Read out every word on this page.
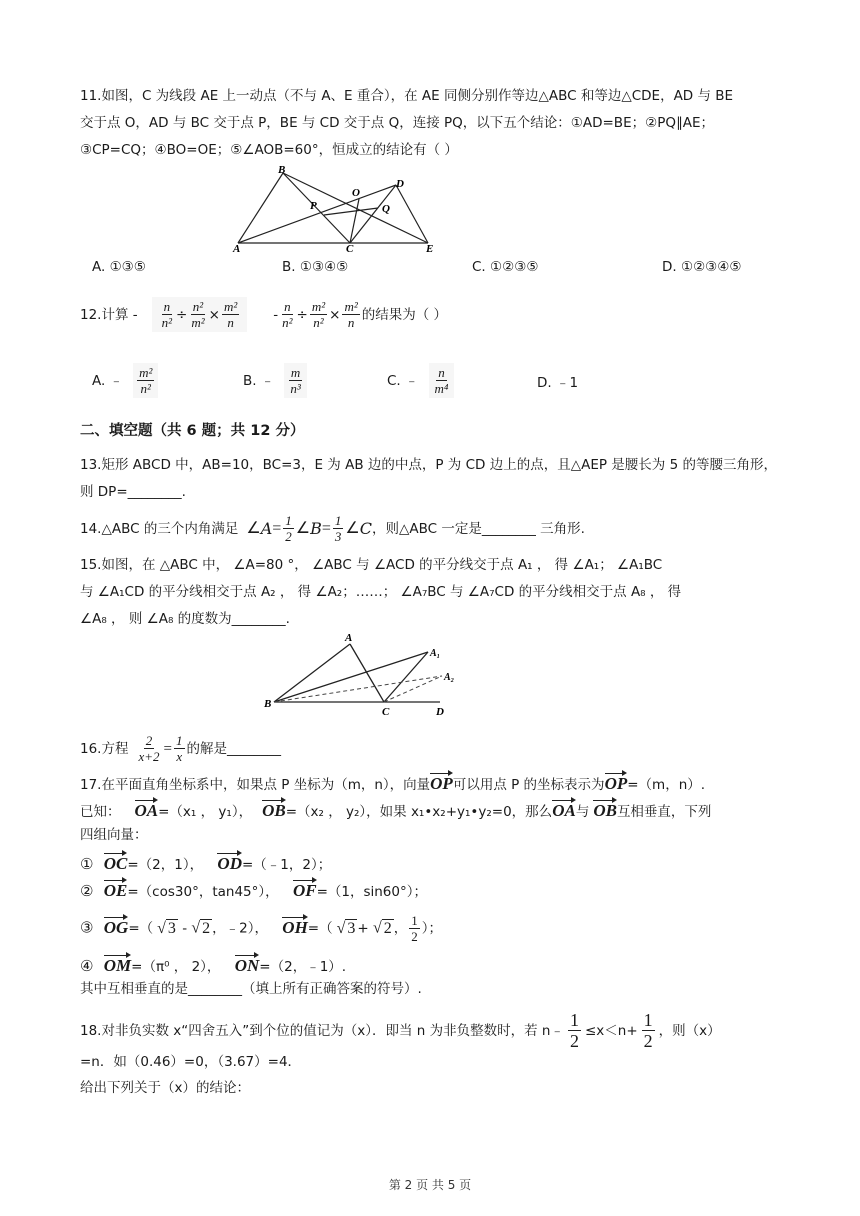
11.如图，C 为线段 AE 上一动点（不与 A、E 重合），在 AE 同侧分别作等边△ABC 和等边△CDE，AD 与 BE
交于点 O，AD 与 BC 交于点 P，BE 与 CD 交于点 Q，连接 PQ，以下五个结论：①AD=BE；②PQ∥AE；
③CP=CQ；④BO=OE；⑤∠AOB=60°，恒成立的结论有（ ）
B
O
D
P	Q
A	C	E
A. ①③⑤	B. ①③④⑤	C. ①②③⑤	D. ①②③④⑤
12.计算 - $\frac{n}{\text{n²}} \div \frac{\text{n²}}{\text{m²}} \times \frac{\text{m²}}{n}$	- $\frac{n}{\text{n²}} \div \frac{\text{m²}}{\text{n²}} \times \frac{\text{m²}}{n}$ 的结果为（ ）
A. ﹣ $\frac{\text{m²}}{\text{n²}}$	B. ﹣ $\frac{m}{\text{n³}}$	C. ﹣ $\frac{n}{\text{m⁴}}$	D. ﹣1
二、填空题（共 6 题；共 12 分）
13.矩形 ABCD 中，AB=10，BC=3，E 为 AB 边的中点，P 为 CD 边上的点，且△AEP 是腰长为 5 的等腰三角形，
则 DP=________.
14.△ABC 的三个内角满足 ∠ $A = \frac{1}{2}$ ∠ $B = \frac{1}{3}$ ∠ C ，则△ABC 一定是________ 三角形.
15.如图，在 △ABC 中， ∠A=80 °， ∠ABC 与 ∠ACD 的平分线交于点 A₁ ， 得 ∠A₁； ∠A₁BC
与 ∠A₁CD 的平分线相交于点 A₂ ， 得 ∠A₂；……； ∠A₇BC 与 ∠A₇CD 的平分线相交于点 A₈ ， 得
∠A₈ ， 则 ∠A₈ 的度数为________.
A
A₁
A₂
B
C	D
16.方程 $\frac{2}{x+2} = \frac{1}{x}$ 的解是________
17.在平面直角坐标系中，如果点 P 坐标为（m，n），向量OP可以用点 P 的坐标表示为OP=（m，n）.
已知： OA=（x₁ ， y₁）， OB=（x₂ ， y₂），如果 x₁•x₂+y₁•y₂=0，那么OA与 OB互相垂直，下列
四组向量：
① OC=（2，1）， OD=（﹣1，2）；
② OE=（cos30°，tan45°）， OF=（1，sin60°）；
③ OG=（ √ 3 - √ 2 ，﹣2）， OH=（ √ 3 + √ 2 ， $\frac{1}{2}$ ）；
④ OM=（π⁰ ， 2）， ON=（2，﹣1）.
其中互相垂直的是________（填上所有正确答案的符号）.
18.对非负实数 x“四舍五入”到个位的值记为（x）．即当 n 为非负整数时，若 n﹣ $\frac{1}{2} \le x<n+ \frac{1}{2}$ ，则（x）
=n．如（0.46）=0，（3.67）=4．
给出下列关于（x）的结论：
第 2 页 共 5 页
